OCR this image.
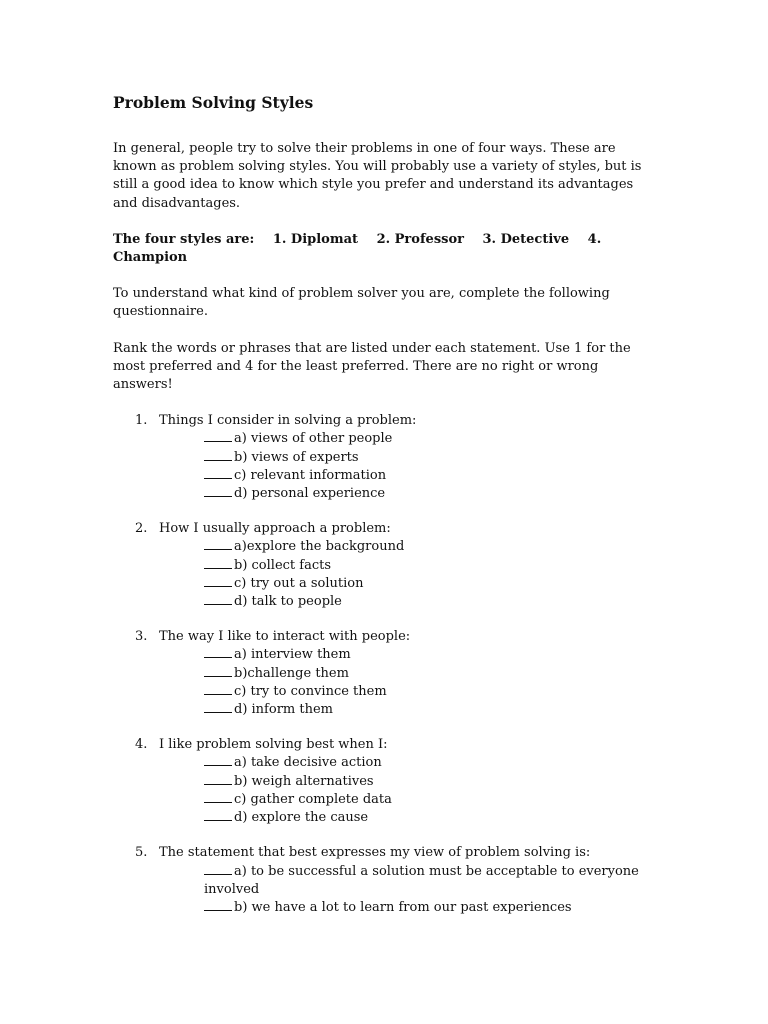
Problem Solving Styles

In general, people try to solve their problems in one of four ways. These are known as problem solving styles. You will probably use a variety of styles, but is still a good idea to know which style you prefer and understand its advantages and disadvantages.

The four styles are: 1. Diplomat 2. Professor 3. Detective 4. Champion

To understand what kind of problem solver you are, complete the following questionnaire.

Rank the words or phrases that are listed under each statement. Use 1 for the most preferred and 4 for the least preferred. There are no right or wrong answers!

1. Things I consider in solving a problem:
a) views of other people
b) views of experts
c) relevant information
d) personal experience
2. How I usually approach a problem:
a)explore the background
b) collect facts
c) try out a solution
d) talk to people
3. The way I like to interact with people:
a) interview them
b)challenge them
c) try to convince them
d) inform them
4. I like problem solving best when I:
a) take decisive action
b) weigh alternatives
c) gather complete data
d) explore the cause
5. The statement that best expresses my view of problem solving is:
a) to be successful a solution must be acceptable to everyone involved
b) we have a lot to learn from our past experiences
